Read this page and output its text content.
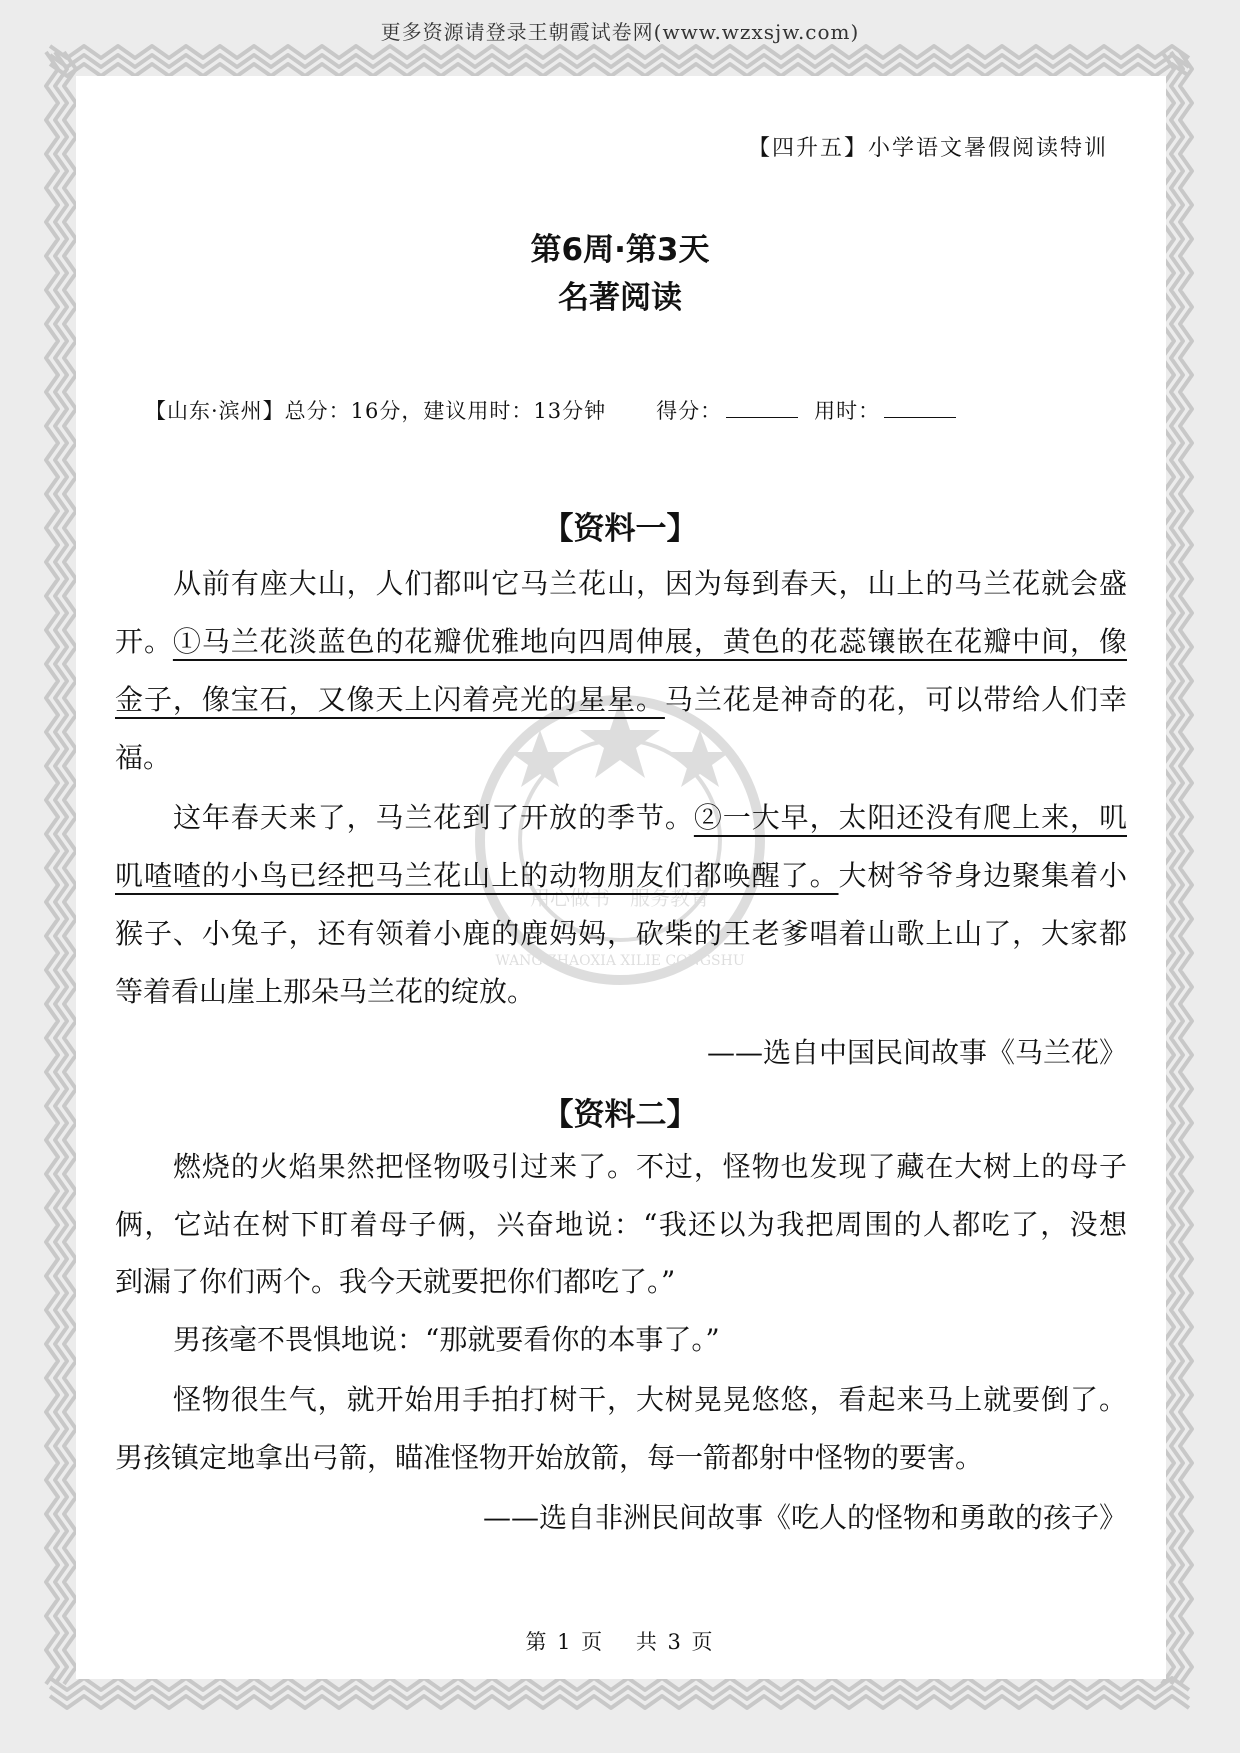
用心做书　服务教育
WANG ZHAOXIA XILIE CONGSHU
更多资源请登录王朝霞试卷网(www.wzxsjw.com)
【四升五】小学语文暑假阅读特训
第6周·第3天
名著阅读
【山东·滨州】总分：16分，建议用时：13分钟 得分：	用时：
【资料一】
从前有座大山，人们都叫它马兰花山，因为每到春天，山上的马兰花就会盛
开。①马兰花淡蓝色的花瓣优雅地向四周伸展，黄色的花蕊镶嵌在花瓣中间，像
金子，像宝石，又像天上闪着亮光的星星。马兰花是神奇的花，可以带给人们幸
福。
这年春天来了，马兰花到了开放的季节。②一大早，太阳还没有爬上来，叽
叽喳喳的小鸟已经把马兰花山上的动物朋友们都唤醒了。大树爷爷身边聚集着小
猴子、小兔子，还有领着小鹿的鹿妈妈，砍柴的王老爹唱着山歌上山了，大家都
等着看山崖上那朵马兰花的绽放。
——选自中国民间故事《马兰花》
【资料二】
燃烧的火焰果然把怪物吸引过来了。不过，怪物也发现了藏在大树上的母子
俩，它站在树下盯着母子俩，兴奋地说：“我还以为我把周围的人都吃了，没想
到漏了你们两个。我今天就要把你们都吃了。”
男孩毫不畏惧地说：“那就要看你的本事了。”
怪物很生气，就开始用手拍打树干，大树晃晃悠悠，看起来马上就要倒了。
男孩镇定地拿出弓箭，瞄准怪物开始放箭，每一箭都射中怪物的要害。
——选自非洲民间故事《吃人的怪物和勇敢的孩子》
第 1 页　 共 3 页
